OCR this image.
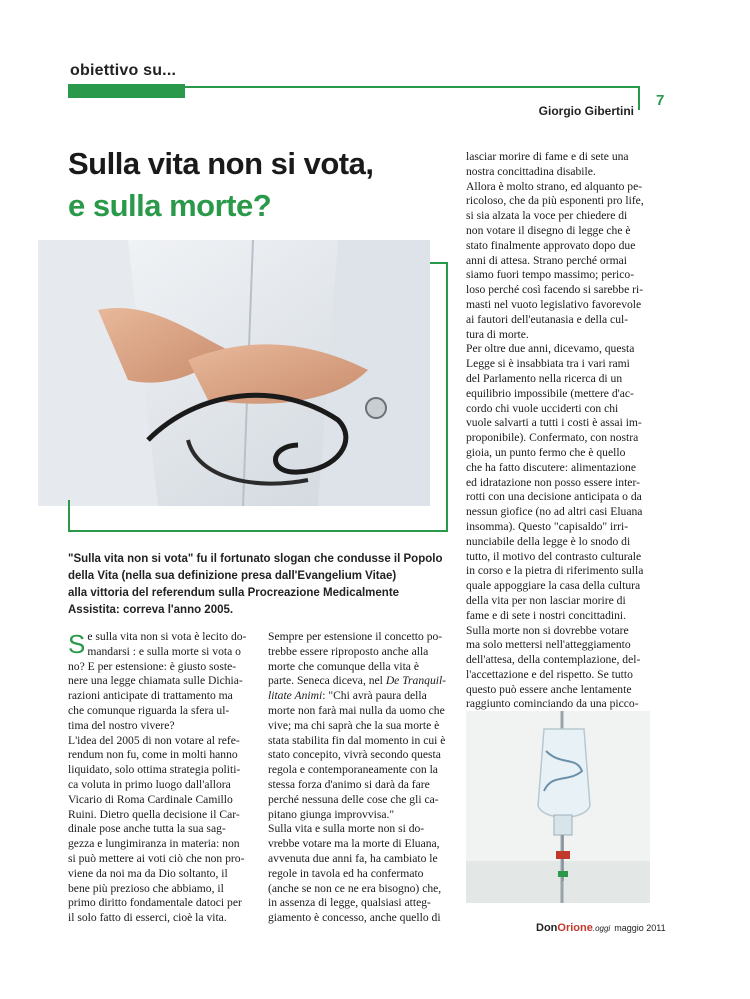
obiettivo su...
7
Giorgio Gibertini
Sulla vita non si vota,
e sulla morte?
"Sulla vita non si vota" fu il fortunato slogan che condusse il Popolo
della Vita (nella sua definizione presa dall'Evangelium Vitae)
alla vittoria del referendum sulla Procreazione Medicalmente
Assistita: correva l'anno 2005.
S e sulla vita non si vota è lecito do-
mandarsi : e sulla morte si vota o
no? E per estensione: è giusto soste-
nere una legge chiamata sulle Dichia-
razioni anticipate di trattamento ma
che comunque riguarda la sfera ul-
tima del nostro vivere?
L'idea del 2005 di non votare al refe-
rendum non fu, come in molti hanno
liquidato, solo ottima strategia politi-
ca voluta in primo luogo dall'allora
Vicario di Roma Cardinale Camillo
Ruini. Dietro quella decisione il Car-
dinale pose anche tutta la sua sag-
gezza e lungimiranza in materia: non
si può mettere ai voti ciò che non pro-
viene da noi ma da Dio soltanto, il
bene più prezioso che abbiamo, il
primo diritto fondamentale datoci per
il solo fatto di esserci, cioè la vita.
Sempre per estensione il concetto po-
trebbe essere riproposto anche alla
morte che comunque della vita è
parte. Seneca diceva, nel De Tranquil-
litate Animi: "Chi avrà paura della
morte non farà mai nulla da uomo che
vive; ma chi saprà che la sua morte è
stata stabilita fin dal momento in cui è
stato concepito, vivrà secondo questa
regola e contemporaneamente con la
stessa forza d'animo si darà da fare
perché nessuna delle cose che gli ca-
pitano giunga improvvisa."
Sulla vita e sulla morte non si do-
vrebbe votare ma la morte di Eluana,
avvenuta due anni fa, ha cambiato le
regole in tavola ed ha confermato
(anche se non ce ne era bisogno) che,
in assenza di legge, qualsiasi atteg-
giamento è concesso, anche quello di
lasciar morire di fame e di sete una
nostra concittadina disabile.
Allora è molto strano, ed alquanto pe-
ricoloso, che da più esponenti pro life,
si sia alzata la voce per chiedere di
non votare il disegno di legge che è
stato finalmente approvato dopo due
anni di attesa. Strano perché ormai
siamo fuori tempo massimo; perico-
loso perché così facendo si sarebbe ri-
masti nel vuoto legislativo favorevole
ai fautori dell'eutanasia e della cul-
tura di morte.
Per oltre due anni, dicevamo, questa
Legge si è insabbiata tra i vari rami
del Parlamento nella ricerca di un
equilibrio impossibile (mettere d'ac-
cordo chi vuole ucciderti con chi
vuole salvarti a tutti i costi è assai im-
proponibile). Confermato, con nostra
gioia, un punto fermo che è quello
che ha fatto discutere: alimentazione
ed idratazione non posso essere inter-
rotti con una decisione anticipata o da
nessun giofice (no ad altri casi Eluana
insomma). Questo "capisaldo" irri-
nunciabile della legge è lo snodo di
tutto, il motivo del contrasto culturale
in corso e la pietra di riferimento sulla
quale appoggiare la casa della cultura
della vita per non lasciar morire di
fame e di sete i nostri concittadini.
Sulla morte non si dovrebbe votare
ma solo mettersi nell'atteggiamento
dell'attesa, della contemplazione, del-
l'accettazione e del rispetto. Se tutto
questo può essere anche lentamente
raggiunto cominciando da una picco-
DonOrione.oggi maggio 2011
